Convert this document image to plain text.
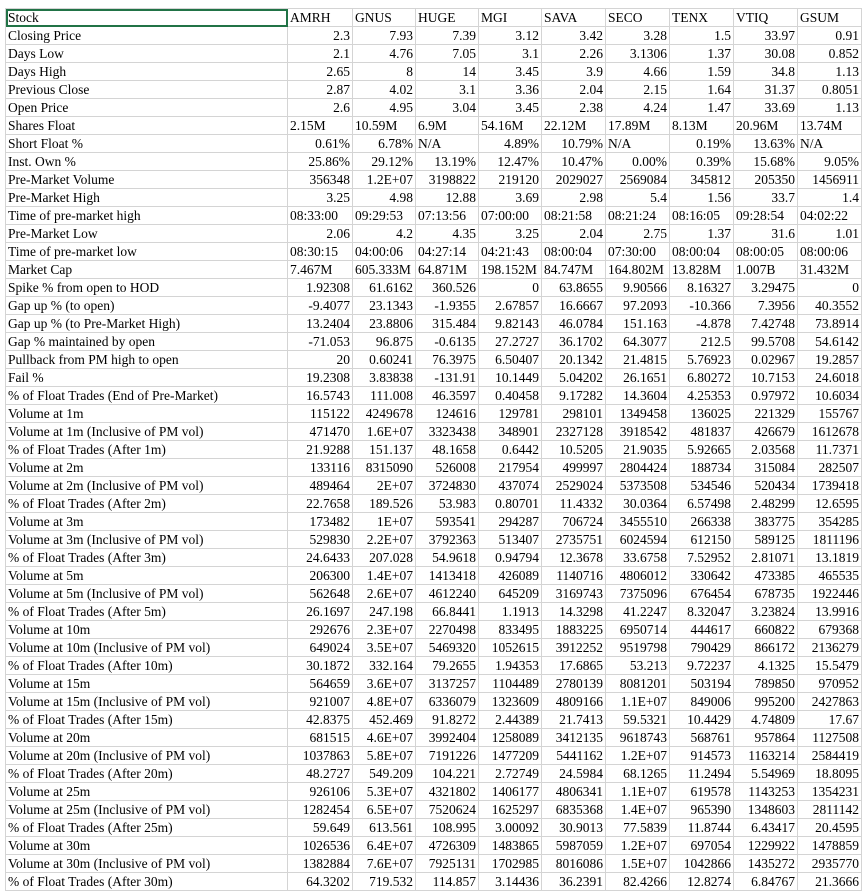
Stock	AMRH	GNUS	HUGE	MGI	SAVA	SECO	TENX	VTIQ	GSUM
Closing Price	2.3	7.93	7.39	3.12	3.42	3.28	1.5	33.97	0.91
Days Low	2.1	4.76	7.05	3.1	2.26	3.1306	1.37	30.08	0.852
Days High	2.65	8	14	3.45	3.9	4.66	1.59	34.8	1.13
Previous Close	2.87	4.02	3.1	3.36	2.04	2.15	1.64	31.37	0.8051
Open Price	2.6	4.95	3.04	3.45	2.38	4.24	1.47	33.69	1.13
Shares Float	2.15M	10.59M	6.9M	54.16M	22.12M	17.89M	8.13M	20.96M	13.74M
Short Float %	0.61%	6.78%	N/A	4.89%	10.79%	N/A	0.19%	13.63%	N/A
Inst. Own %	25.86%	29.12%	13.19%	12.47%	10.47%	0.00%	0.39%	15.68%	9.05%
Pre-Market Volume	356348	1.2E+07	3198822	219120	2029027	2569084	345812	205350	1456911
Pre-Market High	3.25	4.98	12.88	3.69	2.98	5.4	1.56	33.7	1.4
Time of pre-market high	08:33:00	09:29:53	07:13:56	07:00:00	08:21:58	08:21:24	08:16:05	09:28:54	04:02:22
Pre-Market Low	2.06	4.2	4.35	3.25	2.04	2.75	1.37	31.6	1.01
Time of pre-market low	08:30:15	04:00:06	04:27:14	04:21:43	08:00:04	07:30:00	08:00:04	08:00:05	08:00:06
Market Cap	7.467M	605.333M	64.871M	198.152M	84.747M	164.802M	13.828M	1.007B	31.432M
Spike % from open to HOD	1.92308	61.6162	360.526	0	63.8655	9.90566	8.16327	3.29475	0
Gap up % (to open)	-9.4077	23.1343	-1.9355	2.67857	16.6667	97.2093	-10.366	7.3956	40.3552
Gap up % (to Pre-Market High)	13.2404	23.8806	315.484	9.82143	46.0784	151.163	-4.878	7.42748	73.8914
Gap % maintained by open	-71.053	96.875	-0.6135	27.2727	36.1702	64.3077	212.5	99.5708	54.6142
Pullback from PM high to open	20	0.60241	76.3975	6.50407	20.1342	21.4815	5.76923	0.02967	19.2857
Fail %	19.2308	3.83838	-131.91	10.1449	5.04202	26.1651	6.80272	10.7153	24.6018
% of Float Trades (End of Pre-Market)	16.5743	111.008	46.3597	0.40458	9.17282	14.3604	4.25353	0.97972	10.6034
Volume at 1m	115122	4249678	124616	129781	298101	1349458	136025	221329	155767
Volume at 1m (Inclusive of PM vol)	471470	1.6E+07	3323438	348901	2327128	3918542	481837	426679	1612678
% of Float Trades (After 1m)	21.9288	151.137	48.1658	0.6442	10.5205	21.9035	5.92665	2.03568	11.7371
Volume at 2m	133116	8315090	526008	217954	499997	2804424	188734	315084	282507
Volume at 2m (Inclusive of PM vol)	489464	2E+07	3724830	437074	2529024	5373508	534546	520434	1739418
% of Float Trades (After 2m)	22.7658	189.526	53.983	0.80701	11.4332	30.0364	6.57498	2.48299	12.6595
Volume at 3m	173482	1E+07	593541	294287	706724	3455510	266338	383775	354285
Volume at 3m (Inclusive of PM vol)	529830	2.2E+07	3792363	513407	2735751	6024594	612150	589125	1811196
% of Float Trades (After 3m)	24.6433	207.028	54.9618	0.94794	12.3678	33.6758	7.52952	2.81071	13.1819
Volume at 5m	206300	1.4E+07	1413418	426089	1140716	4806012	330642	473385	465535
Volume at 5m (Inclusive of PM vol)	562648	2.6E+07	4612240	645209	3169743	7375096	676454	678735	1922446
% of Float Trades (After 5m)	26.1697	247.198	66.8441	1.1913	14.3298	41.2247	8.32047	3.23824	13.9916
Volume at 10m	292676	2.3E+07	2270498	833495	1883225	6950714	444617	660822	679368
Volume at 10m (Inclusive of PM vol)	649024	3.5E+07	5469320	1052615	3912252	9519798	790429	866172	2136279
% of Float Trades (After 10m)	30.1872	332.164	79.2655	1.94353	17.6865	53.213	9.72237	4.1325	15.5479
Volume at 15m	564659	3.6E+07	3137257	1104489	2780139	8081201	503194	789850	970952
Volume at 15m (Inclusive of PM vol)	921007	4.8E+07	6336079	1323609	4809166	1.1E+07	849006	995200	2427863
% of Float Trades (After 15m)	42.8375	452.469	91.8272	2.44389	21.7413	59.5321	10.4429	4.74809	17.67
Volume at 20m	681515	4.6E+07	3992404	1258089	3412135	9618743	568761	957864	1127508
Volume at 20m (Inclusive of PM vol)	1037863	5.8E+07	7191226	1477209	5441162	1.2E+07	914573	1163214	2584419
% of Float Trades (After 20m)	48.2727	549.209	104.221	2.72749	24.5984	68.1265	11.2494	5.54969	18.8095
Volume at 25m	926106	5.3E+07	4321802	1406177	4806341	1.1E+07	619578	1143253	1354231
Volume at 25m (Inclusive of PM vol)	1282454	6.5E+07	7520624	1625297	6835368	1.4E+07	965390	1348603	2811142
% of Float Trades (After 25m)	59.649	613.561	108.995	3.00092	30.9013	77.5839	11.8744	6.43417	20.4595
Volume at 30m	1026536	6.4E+07	4726309	1483865	5987059	1.2E+07	697054	1229922	1478859
Volume at 30m (Inclusive of PM vol)	1382884	7.6E+07	7925131	1702985	8016086	1.5E+07	1042866	1435272	2935770
% of Float Trades (After 30m)	64.3202	719.532	114.857	3.14436	36.2391	82.4266	12.8274	6.84767	21.3666
